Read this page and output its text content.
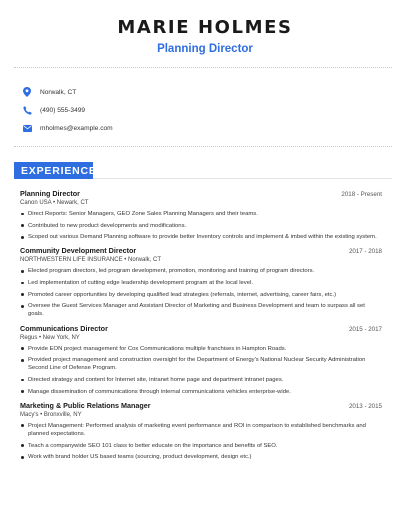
MARIE HOLMES
Planning Director
Norwalk, CT
(490) 555-3499
mholmes@example.com
EXPERIENCE
Planning Director	2018 - Present
Canon USA • Newark, CT
Direct Reports: Senior Managers, GEO Zone Sales Planning Managers and their teams.
Contributed to new product developments and modifications.
Scoped out various Demand Planning software to provide better Inventory controls and implement & imbed within the existing system.
Community Development Director	2017 - 2018
NORTHWESTERN LIFE INSURANCE • Norwalk, CT
Elected program directors, led program development, promotion, monitoring and training of program directors.
Led implementation of cutting edge leadership development program at the local level.
Promoted career opportunities by developing qualified lead strategies (referrals, internet, advertising, career fairs, etc.)
Oversee the Guest Services Manager and Assistant Director of Marketing and Business Development and team to surpass all set goals.
Communications Director	2015 - 2017
Regus • New York, NY
Provide EON project management for Cox Communications multiple franchises in Hampton Roads.
Provided project management and construction oversight for the Department of Energy's National Nuclear Security Administration Second Line of Defense Program.
Directed strategy and content for Internet site, intranet home page and department intranet pages.
Manage dissemination of communications through internal communications vehicles enterprise-wide.
Marketing & Public Relations Manager	2013 - 2015
Macy's • Bronxville, NY
Project Management: Performed analysis of marketing event performance and ROI in comparison to established benchmarks and planned expectations.
Teach a companywide SEO 101 class to better educate on the importance and benefits of SEO.
Work with brand holder US based teams (sourcing, product development, design etc.)
